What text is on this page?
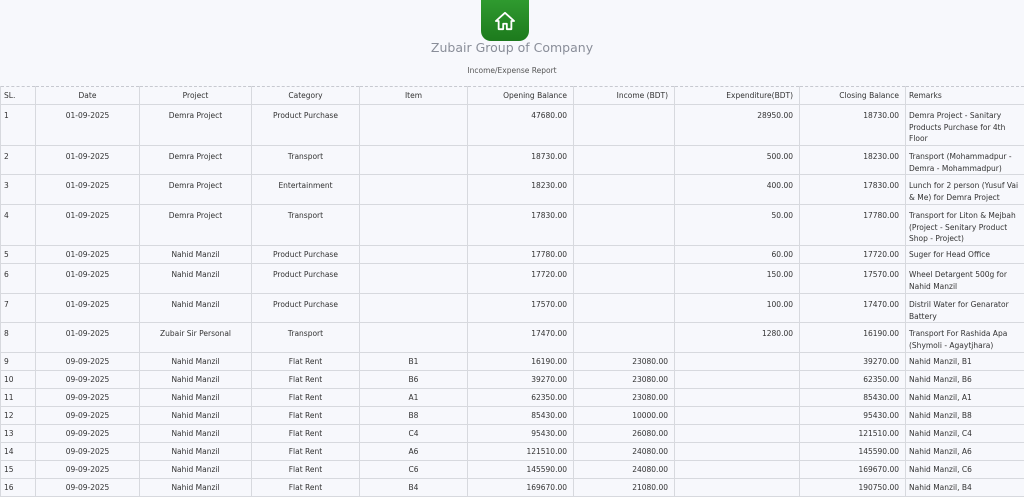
Zubair Group of Company
Income/Expense Report
SL.	Date	Project	Category	Item	Opening Balance	Income (BDT)	Expenditure(BDT)	Closing Balance	Remarks
1	01-09-2025	Demra Project	Product Purchase		47680.00		28950.00	18730.00	Demra Project - Sanitary Products Purchase for 4th Floor
2	01-09-2025	Demra Project	Transport		18730.00		500.00	18230.00	Transport (Mohammadpur - Demra - Mohammadpur)
3	01-09-2025	Demra Project	Entertainment		18230.00		400.00	17830.00	Lunch for 2 person (Yusuf Vai & Me) for Demra Project
4	01-09-2025	Demra Project	Transport		17830.00		50.00	17780.00	Transport for Liton & Mejbah (Project - Senitary Product Shop - Project)
5	01-09-2025	Nahid Manzil	Product Purchase		17780.00		60.00	17720.00	Suger for Head Office
6	01-09-2025	Nahid Manzil	Product Purchase		17720.00		150.00	17570.00	Wheel Detargent 500g for Nahid Manzil
7	01-09-2025	Nahid Manzil	Product Purchase		17570.00		100.00	17470.00	Distril Water for Genarator Battery
8	01-09-2025	Zubair Sir Personal	Transport		17470.00		1280.00	16190.00	Transport For Rashida Apa (Shymoli - Agaytjhara)
9	09-09-2025	Nahid Manzil	Flat Rent	B1	16190.00	23080.00		39270.00	Nahid Manzil, B1
10	09-09-2025	Nahid Manzil	Flat Rent	B6	39270.00	23080.00		62350.00	Nahid Manzil, B6
11	09-09-2025	Nahid Manzil	Flat Rent	A1	62350.00	23080.00		85430.00	Nahid Manzil, A1
12	09-09-2025	Nahid Manzil	Flat Rent	B8	85430.00	10000.00		95430.00	Nahid Manzil, B8
13	09-09-2025	Nahid Manzil	Flat Rent	C4	95430.00	26080.00		121510.00	Nahid Manzil, C4
14	09-09-2025	Nahid Manzil	Flat Rent	A6	121510.00	24080.00		145590.00	Nahid Manzil, A6
15	09-09-2025	Nahid Manzil	Flat Rent	C6	145590.00	24080.00		169670.00	Nahid Manzil, C6
16	09-09-2025	Nahid Manzil	Flat Rent	B4	169670.00	21080.00		190750.00	Nahid Manzil, B4
